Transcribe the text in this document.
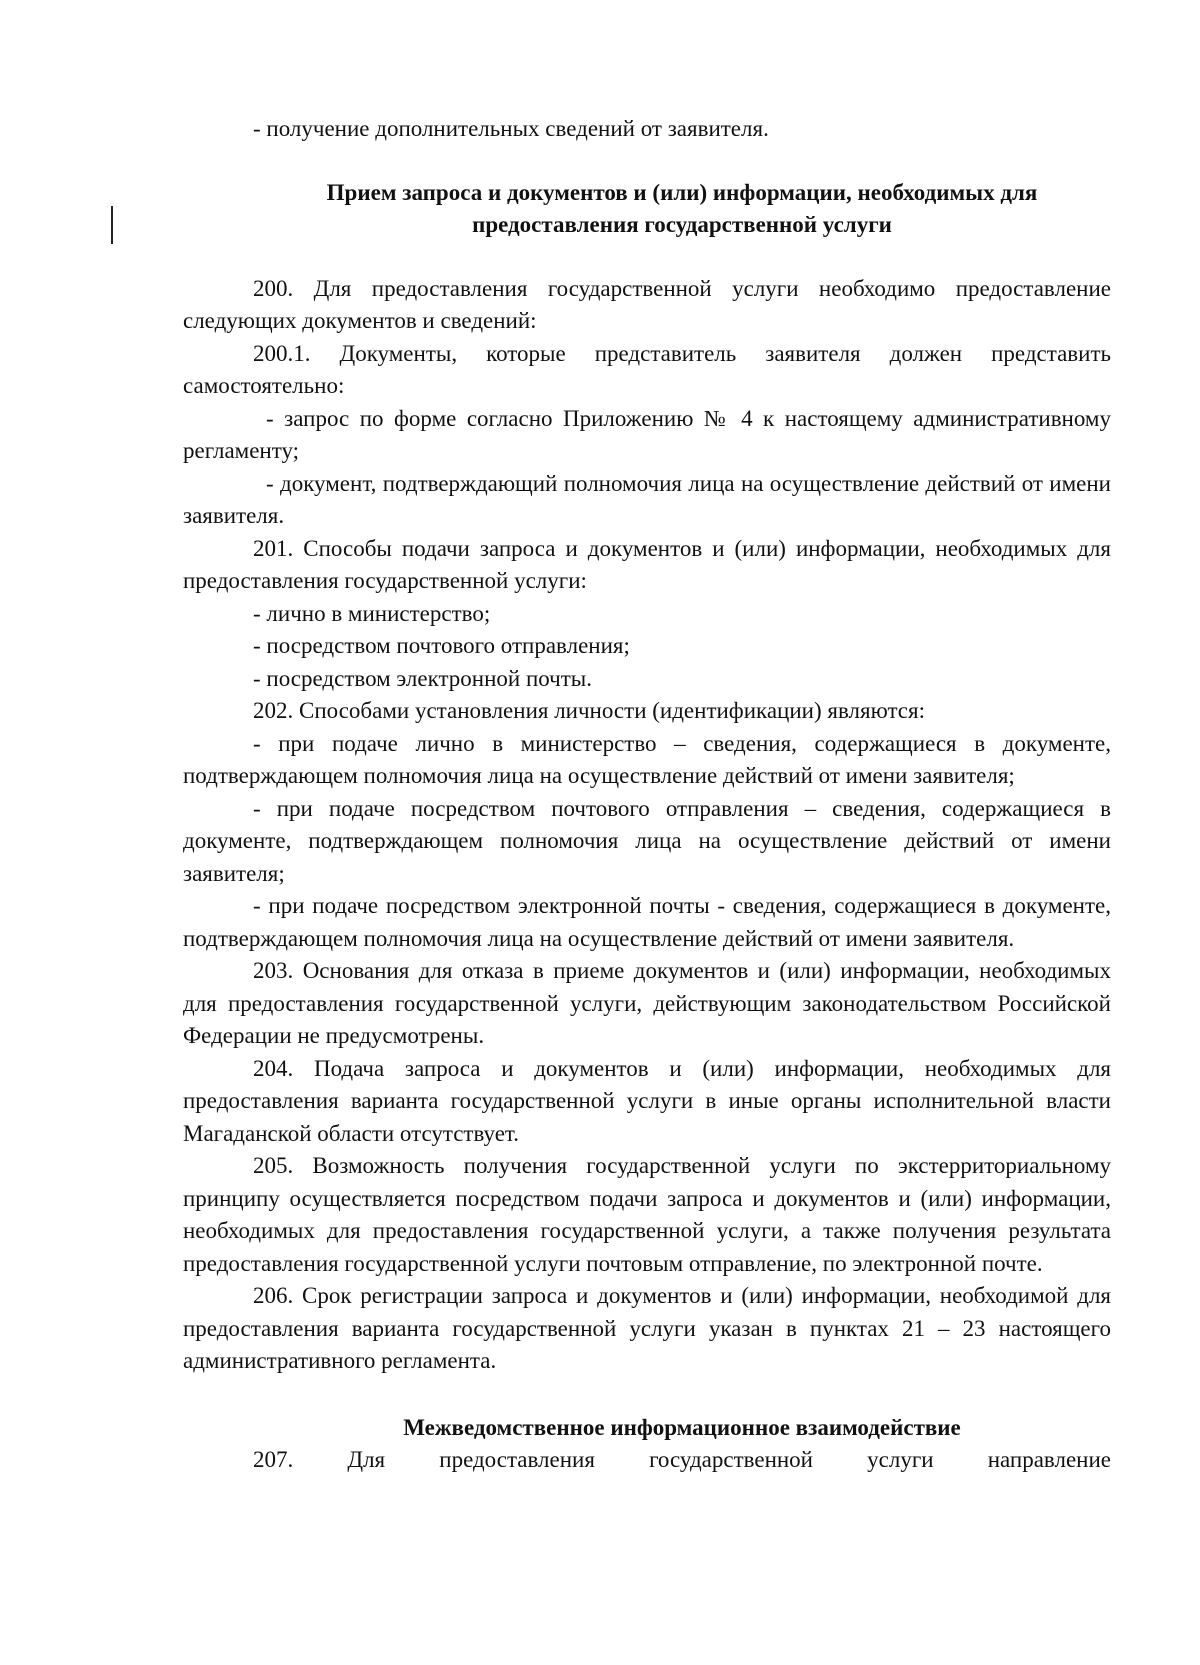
- получение дополнительных сведений от заявителя.

Прием запроса и документов и (или) информации, необходимых для предоставления государственной услуги

200. Для предоставления государственной услуги необходимо предоставление следующих документов и сведений:

200.1. Документы, которые представитель заявителя должен представить самостоятельно:

- запрос по форме согласно Приложению № 4 к настоящему административному регламенту;

- документ, подтверждающий полномочия лица на осуществление действий от имени заявителя.

201. Способы подачи запроса и документов и (или) информации, необходимых для предоставления государственной услуги:

- лично в министерство;

- посредством почтового отправления;

- посредством электронной почты.

202. Способами установления личности (идентификации) являются:

- при подаче лично в министерство – сведения, содержащиеся в документе, подтверждающем полномочия лица на осуществление действий от имени заявителя;

- при подаче посредством почтового отправления – сведения, содержащиеся в документе, подтверждающем полномочия лица на осуществление действий от имени заявителя;

- при подаче посредством электронной почты - сведения, содержащиеся в документе, подтверждающем полномочия лица на осуществление действий от имени заявителя.

203. Основания для отказа в приеме документов и (или) информации, необходимых для предоставления государственной услуги, действующим законодательством Российской Федерации не предусмотрены.

204. Подача запроса и документов и (или) информации, необходимых для предоставления варианта государственной услуги в иные органы исполнительной власти Магаданской области отсутствует.

205. Возможность получения государственной услуги по экстерриториальному принципу осуществляется посредством подачи запроса и документов и (или) информации, необходимых для предоставления государственной услуги, а также получения результата предоставления государственной услуги почтовым отправление, по электронной почте.

206. Срок регистрации запроса и документов и (или) информации, необходимой для предоставления варианта государственной услуги указан в пунктах 21 – 23 настоящего административного регламента.

Межведомственное информационное взаимодействие

207. Для предоставления государственной услуги направление
